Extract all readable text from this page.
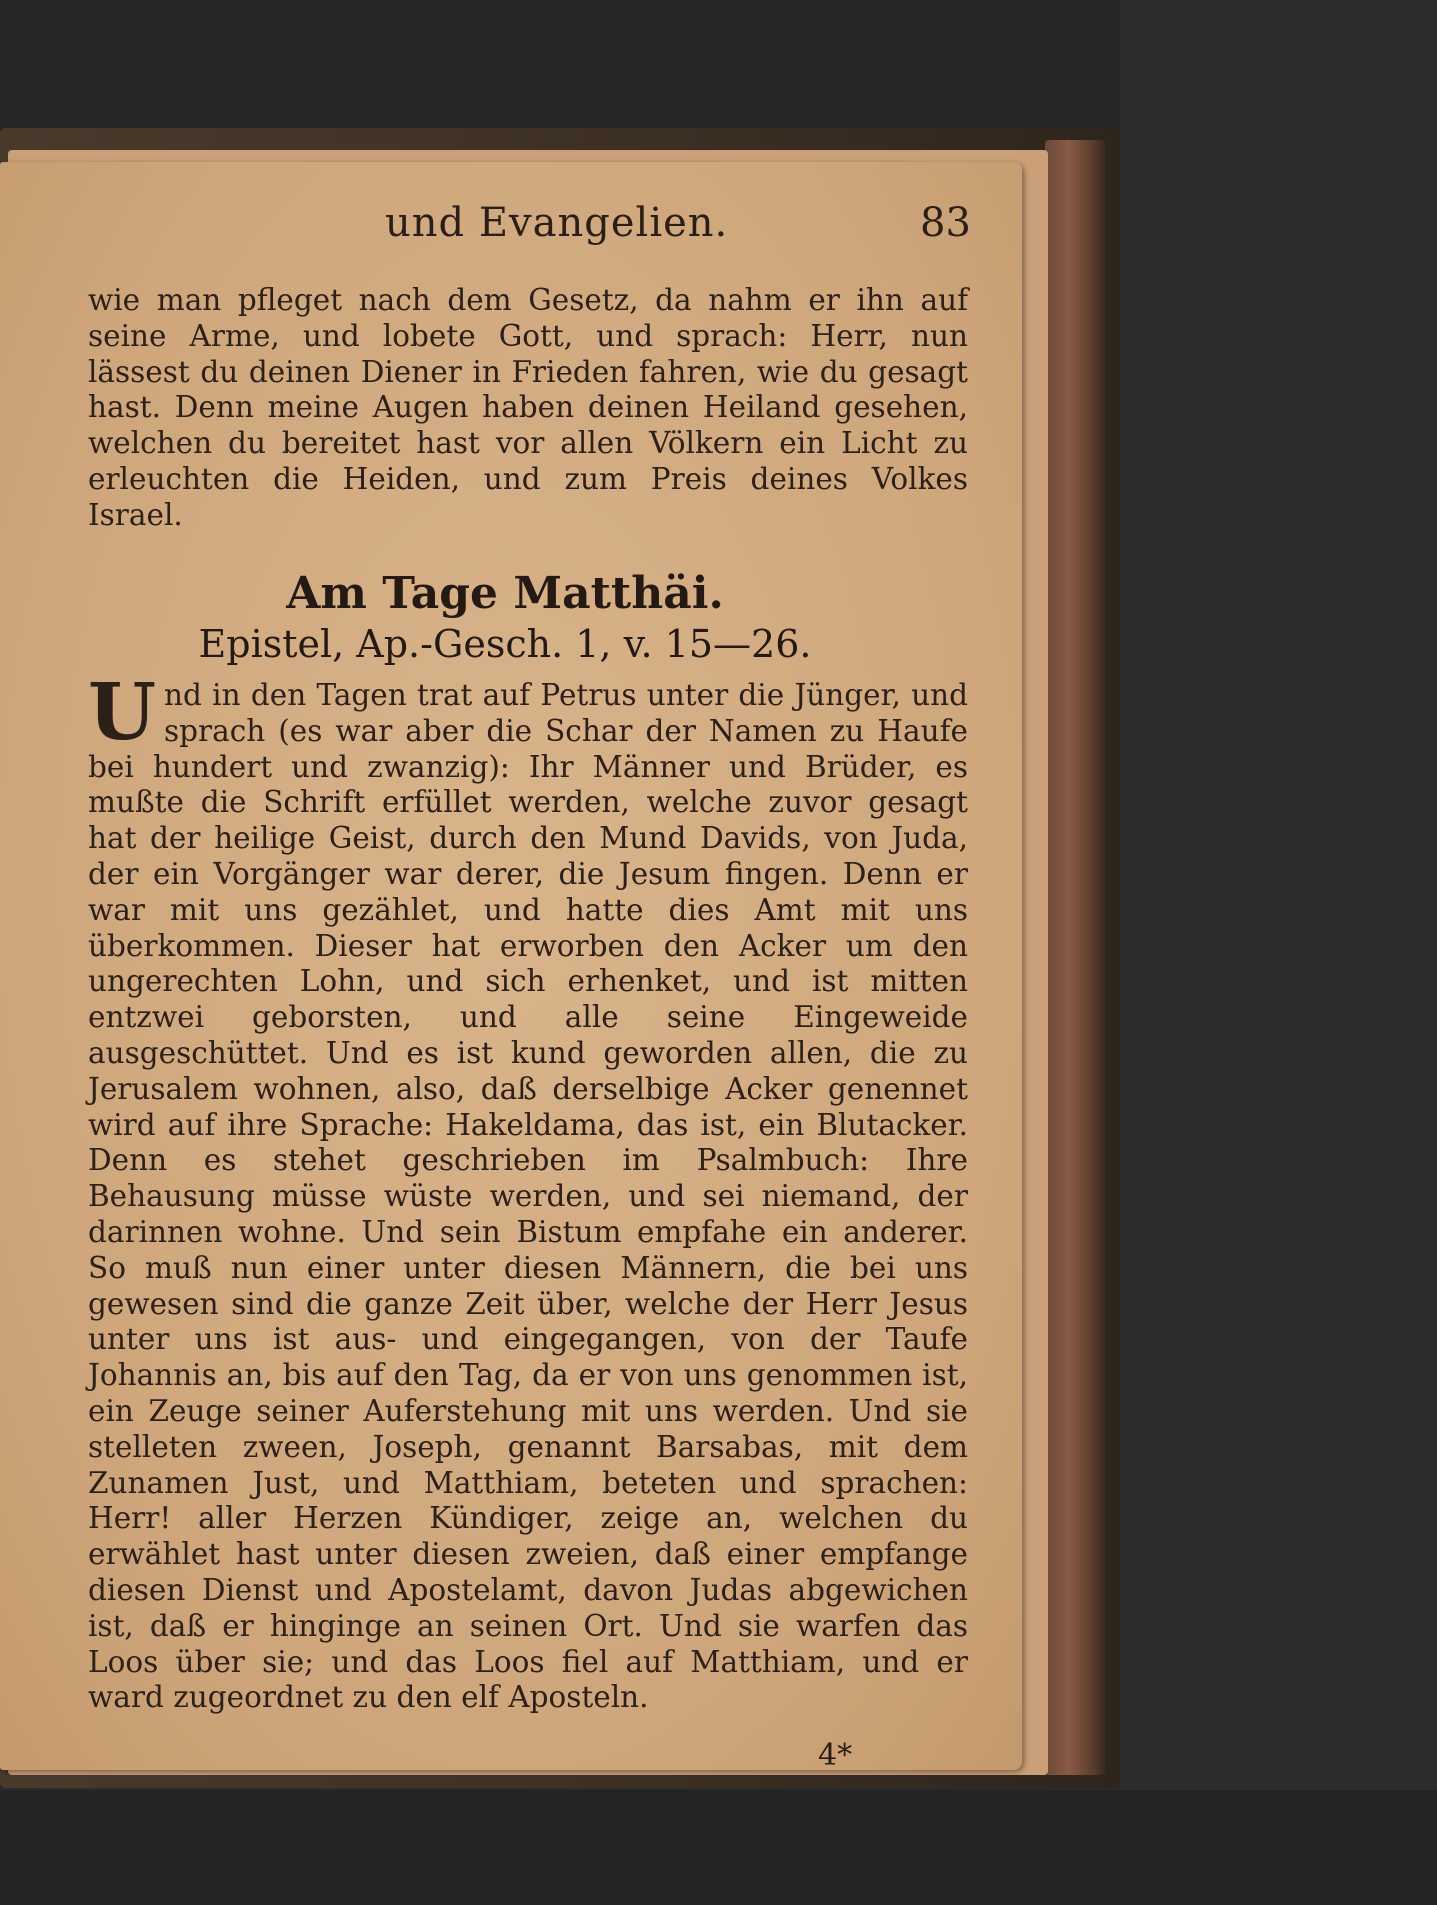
und Evangelien.	83
wie man pfleget nach dem Gesetz, da nahm er ihn auf seine Arme, und lobete Gott, und sprach: Herr, nun lässest du deinen Diener in Frieden fahren, wie du gesagt hast. Denn meine Augen haben deinen Heiland gesehen, welchen du bereitet hast vor allen Völkern ein Licht zu erleuchten die Heiden, und zum Preis deines Volkes Israel.
Am Tage Matthäi.
Epistel, Ap.-Gesch. 1, v. 15—26.
Und in den Tagen trat auf Petrus unter die Jünger, und sprach (es war aber die Schar der Namen zu Haufe bei hundert und zwanzig): Ihr Männer und Brüder, es mußte die Schrift erfüllet werden, welche zuvor gesagt hat der heilige Geist, durch den Mund Davids, von Juda, der ein Vorgänger war derer, die Jesum fingen. Denn er war mit uns gezählet, und hatte dies Amt mit uns überkommen. Dieser hat erworben den Acker um den ungerechten Lohn, und sich erhenket, und ist mitten entzwei geborsten, und alle seine Eingeweide ausgeschüttet. Und es ist kund geworden allen, die zu Jerusalem wohnen, also, daß derselbige Acker genennet wird auf ihre Sprache: Hakeldama, das ist, ein Blutacker. Denn es stehet geschrieben im Psalmbuch: Ihre Behausung müsse wüste werden, und sei niemand, der darinnen wohne. Und sein Bistum empfahe ein anderer. So muß nun einer unter diesen Männern, die bei uns gewesen sind die ganze Zeit über, welche der Herr Jesus unter uns ist aus- und eingegangen, von der Taufe Johannis an, bis auf den Tag, da er von uns genommen ist, ein Zeuge seiner Auferstehung mit uns werden. Und sie stelleten zween, Joseph, genannt Barsabas, mit dem Zunamen Just, und Matthiam, beteten und sprachen: Herr! aller Herzen Kündiger, zeige an, welchen du erwählet hast unter diesen zweien, daß einer empfange diesen Dienst und Apostelamt, davon Judas abgewichen ist, daß er hinginge an seinen Ort. Und sie warfen das Loos über sie; und das Loos fiel auf Matthiam, und er ward zugeordnet zu den elf Aposteln.
4*
